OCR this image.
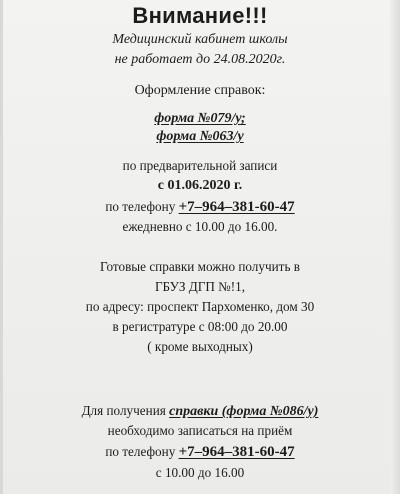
Внимание!!!
Медицинский кабинет школы
не работает до 24.08.2020г.
Оформление справок:
форма №079/у;
форма №063/у
по предварительной записи
с 01.06.2020 г.
по телефону +7–964–381-60-47
ежедневно с 10.00 до 16.00.
Готовые справки можно получить в
ГБУЗ ДГП №!1,
по адресу: проспект Пархоменко, дом 30
в регистратуре с 08:00 до 20.00
( кроме выходных)
Для получения справки (форма №086/у)
необходимо записаться на приём
по телефону +7–964–381-60-47
с 10.00 до 16.00
